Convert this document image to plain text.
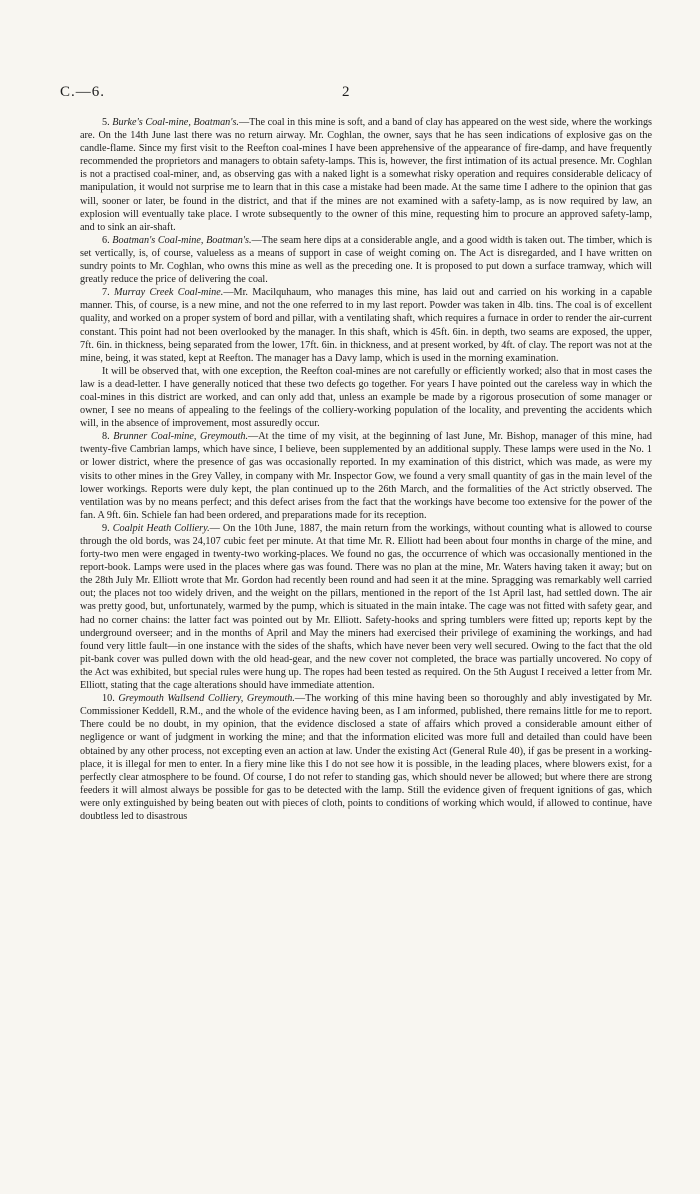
C.—6.	2

5. Burke's Coal-mine, Boatman's.—The coal in this mine is soft, and a band of clay has appeared on the west side, where the workings are. On the 14th June last there was no return airway. Mr. Coghlan, the owner, says that he has seen indications of explosive gas on the candle-flame. Since my first visit to the Reefton coal-mines I have been apprehensive of the appearance of fire-damp, and have frequently recommended the proprietors and managers to obtain safety-lamps. This is, however, the first intimation of its actual presence. Mr. Coghlan is not a practised coal-miner, and, as observing gas with a naked light is a somewhat risky operation and requires considerable delicacy of manipulation, it would not surprise me to learn that in this case a mistake had been made. At the same time I adhere to the opinion that gas will, sooner or later, be found in the district, and that if the mines are not examined with a safety-lamp, as is now required by law, an explosion will eventually take place. I wrote subsequently to the owner of this mine, requesting him to procure an approved safety-lamp, and to sink an air-shaft.

6. Boatman's Coal-mine, Boatman's.—The seam here dips at a considerable angle, and a good width is taken out. The timber, which is set vertically, is, of course, valueless as a means of support in case of weight coming on. The Act is disregarded, and I have written on sundry points to Mr. Coghlan, who owns this mine as well as the preceding one. It is proposed to put down a surface tramway, which will greatly reduce the price of delivering the coal.

7. Murray Creek Coal-mine.—Mr. Macilquhaum, who manages this mine, has laid out and carried on his working in a capable manner. This, of course, is a new mine, and not the one referred to in my last report. Powder was taken in 4lb. tins. The coal is of excellent quality, and worked on a proper system of bord and pillar, with a ventilating shaft, which requires a furnace in order to render the air-current constant. This point had not been overlooked by the manager. In this shaft, which is 45ft. 6in. in depth, two seams are exposed, the upper, 7ft. 6in. in thickness, being separated from the lower, 17ft. 6in. in thickness, and at present worked, by 4ft. of clay. The report was not at the mine, being, it was stated, kept at Reefton. The manager has a Davy lamp, which is used in the morning examination.

It will be observed that, with one exception, the Reefton coal-mines are not carefully or efficiently worked; also that in most cases the law is a dead-letter. I have generally noticed that these two defects go together. For years I have pointed out the careless way in which the coal-mines in this district are worked, and can only add that, unless an example be made by a rigorous prosecution of some manager or owner, I see no means of appealing to the feelings of the colliery-working population of the locality, and preventing the accidents which will, in the absence of improvement, most assuredly occur.

8. Brunner Coal-mine, Greymouth.—At the time of my visit, at the beginning of last June, Mr. Bishop, manager of this mine, had twenty-five Cambrian lamps, which have since, I believe, been supplemented by an additional supply. These lamps were used in the No. 1 or lower district, where the presence of gas was occasionally reported. In my examination of this district, which was made, as were my visits to other mines in the Grey Valley, in company with Mr. Inspector Gow, we found a very small quantity of gas in the main level of the lower workings. Reports were duly kept, the plan continued up to the 26th March, and the formalities of the Act strictly observed. The ventilation was by no means perfect; and this defect arises from the fact that the workings have become too extensive for the power of the fan. A 9ft. 6in. Schiele fan had been ordered, and preparations made for its reception.

9. Coalpit Heath Colliery.— On the 10th June, 1887, the main return from the workings, without counting what is allowed to course through the old bords, was 24,107 cubic feet per minute. At that time Mr. R. Elliott had been about four months in charge of the mine, and forty-two men were engaged in twenty-two working-places. We found no gas, the occurrence of which was occasionally mentioned in the report-book. Lamps were used in the places where gas was found. There was no plan at the mine, Mr. Waters having taken it away; but on the 28th July Mr. Elliott wrote that Mr. Gordon had recently been round and had seen it at the mine. Spragging was remarkably well carried out; the places not too widely driven, and the weight on the pillars, mentioned in the report of the 1st April last, had settled down. The air was pretty good, but, unfortunately, warmed by the pump, which is situated in the main intake. The cage was not fitted with safety gear, and had no corner chains: the latter fact was pointed out by Mr. Elliott. Safety-hooks and spring tumblers were fitted up; reports kept by the underground overseer; and in the months of April and May the miners had exercised their privilege of examining the workings, and had found very little fault—in one instance with the sides of the shafts, which have never been very well secured. Owing to the fact that the old pit-bank cover was pulled down with the old head-gear, and the new cover not completed, the brace was partially uncovered. No copy of the Act was exhibited, but special rules were hung up. The ropes had been tested as required. On the 5th August I received a letter from Mr. Elliott, stating that the cage alterations should have immediate attention.

10. Greymouth Wallsend Colliery, Greymouth.—The working of this mine having been so thoroughly and ably investigated by Mr. Commissioner Keddell, R.M., and the whole of the evidence having been, as I am informed, published, there remains little for me to report. There could be no doubt, in my opinion, that the evidence disclosed a state of affairs which proved a considerable amount either of negligence or want of judgment in working the mine; and that the information elicited was more full and detailed than could have been obtained by any other process, not excepting even an action at law. Under the existing Act (General Rule 40), if gas be present in a working-place, it is illegal for men to enter. In a fiery mine like this I do not see how it is possible, in the leading places, where blowers exist, for a perfectly clear atmosphere to be found. Of course, I do not refer to standing gas, which should never be allowed; but where there are strong feeders it will almost always be possible for gas to be detected with the lamp. Still the evidence given of frequent ignitions of gas, which were only extinguished by being beaten out with pieces of cloth, points to conditions of working which would, if allowed to continue, have doubtless led to disastrous
